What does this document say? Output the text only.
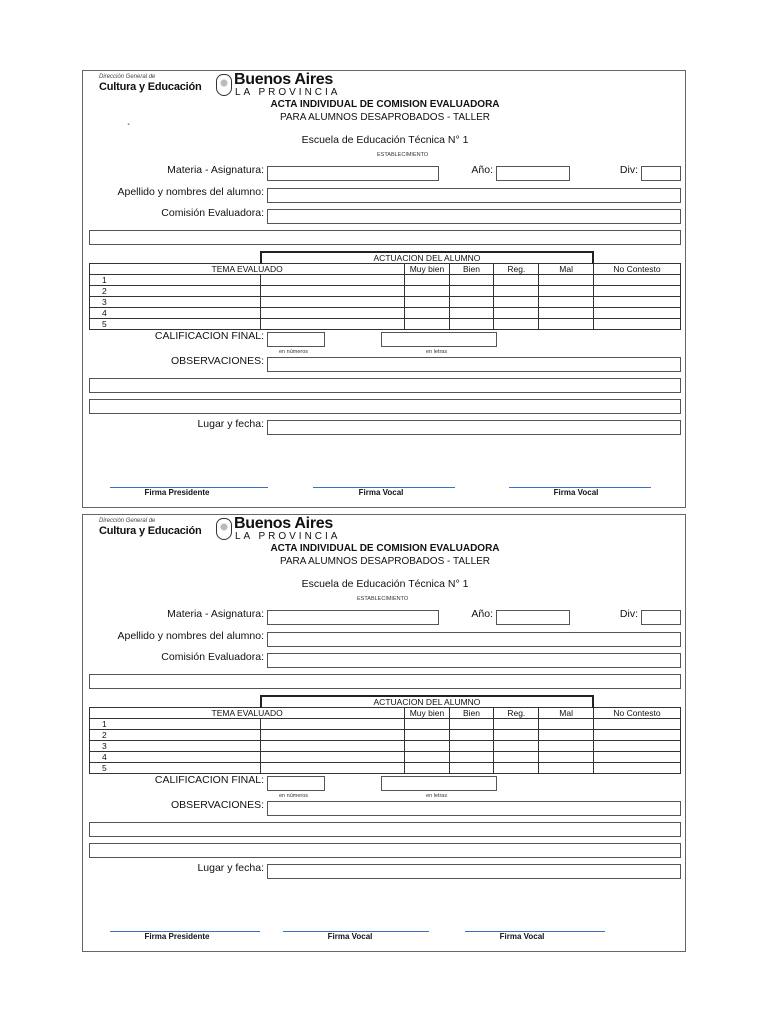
Dirección General de
Cultura y Educación Buenos Aires
LA PROVINCIA
ACTA INDIVIDUAL DE COMISION EVALUADORA
PARA ALUMNOS DESAPROBADOS - TALLER
`
Escuela de Educación Técnica N° 1
ESTABLECIMIENTO
Materia - Asignatura:	Año:	Div:
Apellido y nombres del alumno:
Comisión Evaluadora:
	ACTUACION DEL ALUMNO					
TEMA EVALUADO		Muy bien	Bien	Reg.	Mal	No Contesto
1						
2						
3						
4						
5						
CALIFICACION FINAL:
en números	en letras
OBSERVACIONES:
Lugar y fecha:
Firma Presidente	Firma Vocal	Firma Vocal
Dirección General de
Cultura y Educación Buenos Aires
LA PROVINCIA
ACTA INDIVIDUAL DE COMISION EVALUADORA
PARA ALUMNOS DESAPROBADOS - TALLER
Escuela de Educación Técnica N° 1
ESTABLECIMIENTO
Materia - Asignatura:	Año:	Div:
Apellido y nombres del alumno:
Comisión Evaluadora:
	ACTUACION DEL ALUMNO					
TEMA EVALUADO		Muy bien	Bien	Reg.	Mal	No Contesto
1						
2						
3						
4						
5						
CALIFICACION FINAL:
en números	en letras
OBSERVACIONES:
Lugar y fecha:
Firma Presidente	Firma Vocal	Firma Vocal
